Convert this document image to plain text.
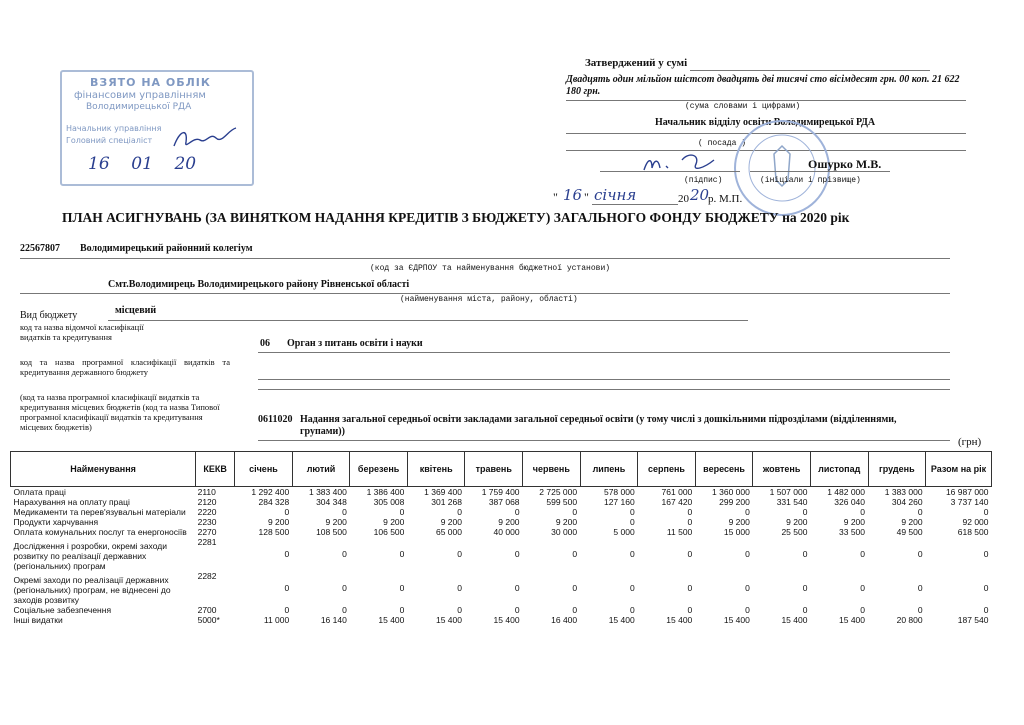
ВЗЯТО НА ОБЛІК
фінансовим управлінням
Володимирецької РДА
Начальник управління
Головний спеціаліст
16    01    20
Затверджений у сумі
Двадцять один мільйон шістсот двадцять дві тисячі сто вісімдесят грн. 00 коп. 21 622 180 грн.
(сума словами і цифрами)
Начальник відділу освіти Володимирецької РДА
( посада )
Ошурко М.В.
(підпис)	(ініціали і прізвище)
" 16 " січня	20 20
р. М.П.
ПЛАН АСИГНУВАНЬ (ЗА ВИНЯТКОМ НАДАННЯ КРЕДИТІВ З БЮДЖЕТУ) ЗАГАЛЬНОГО ФОНДУ БЮДЖЕТУ на 2020 рік
22567807 Володимирецький районний колегіум
(код за ЄДРПОУ та найменування бюджетної установи)
Смт.Володимирець Володимирецького району Рівненської області
(найменування міста, району, області)
Вид бюджету	місцевий
код та назва відомчої класифікації видатків та кредитування
06 Орган з питань освіти і науки
код та назва програмної класифікації видатків та кредитування державного бюджету
(код та назва програмної класифікації видатків та кредитування місцевих бюджетів (код та назва Типової програмної класифікації видатків та кредитування місцевих бюджетів)
0611020 Надання загальної середньої освіти закладами загальної середньої освіти (у тому числі з дошкільними підрозділами (відділеннями, групами))
(грн)
Найменування	КЕКВ	січень	лютий	березень	квітень	травень	червень	липень	серпень	вересень	жовтень	листопад	грудень	Разом на рік
Оплата праці	2110	1 292 400	1 383 400	1 386 400	1 369 400	1 759 400	2 725 000	578 000	761 000	1 360 000	1 507 000	1 482 000	1 383 000	16 987 000
Нарахування на оплату праці	2120	284 328	304 348	305 008	301 268	387 068	599 500	127 160	167 420	299 200	331 540	326 040	304 260	3 737 140
Медикаменти та перев'язувальні матеріали	2220	0	0	0	0	0	0	0	0	0	0	0	0	0
Продукти харчування	2230	9 200	9 200	9 200	9 200	9 200	9 200	0	0	9 200	9 200	9 200	9 200	92 000
Оплата комунальних послуг та енергоносіїв	2270	128 500	108 500	106 500	65 000	40 000	30 000	5 000	11 500	15 000	25 500	33 500	49 500	618 500
Дослідження і розробки, окремі заходи розвитку по реалізації державних (регіональних) програм	2281	0	0	0	0	0	0	0	0	0	0	0	0	0
Окремі заходи по реалізації державних (регіональних) програм, не віднесені до заходів розвитку	2282	0	0	0	0	0	0	0	0	0	0	0	0	0
Соціальне забезпечення	2700	0	0	0	0	0	0	0	0	0	0	0	0	0
Інші видатки	5000*	11 000	16 140	15 400	15 400	15 400	16 400	15 400	15 400	15 400	15 400	15 400	20 800	187 540
